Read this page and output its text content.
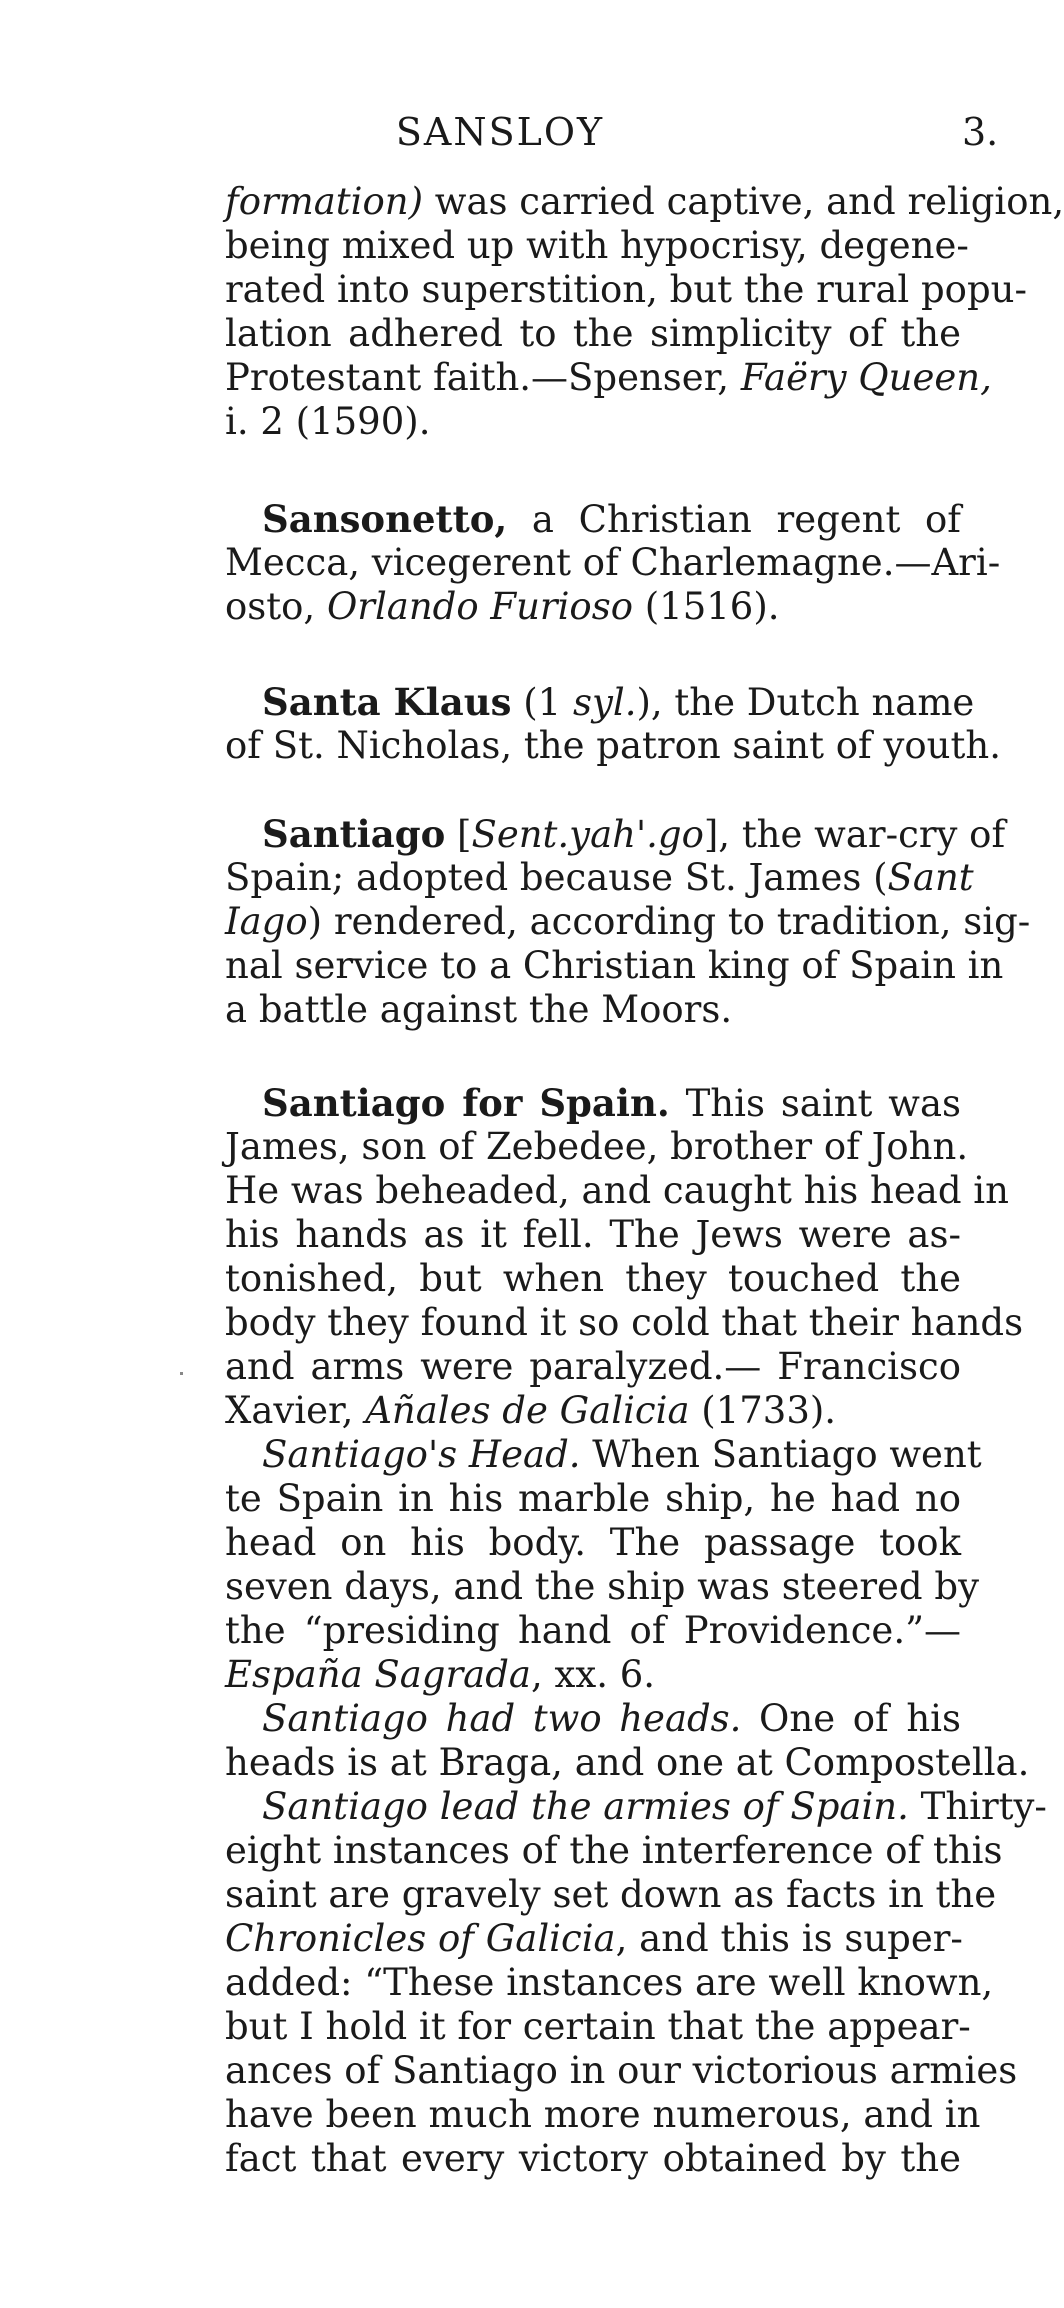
SANSLOY	3.
formation) was carried captive, and religion,
being mixed up with hypocrisy, degene-
rated into superstition, but the rural popu-
lation adhered to the simplicity of the
Protestant faith.—Spenser, Faëry Queen,
i. 2 (1590).
Sansonetto, a Christian regent of
Mecca, vicegerent of Charlemagne.—Ari-
osto, Orlando Furioso (1516).
Santa Klaus (1 syl.), the Dutch name
of St. Nicholas, the patron saint of youth.
Santiago [Sent.yah'.go], the war-cry of
Spain; adopted because St. James (Sant
Iago) rendered, according to tradition, sig-
nal service to a Christian king of Spain in
a battle against the Moors.
Santiago for Spain. This saint was
James, son of Zebedee, brother of John.
He was beheaded, and caught his head in
his hands as it fell. The Jews were as-
tonished, but when they touched the
body they found it so cold that their hands
and arms were paralyzed.— Francisco
Xavier, Añales de Galicia (1733).
Santiago's Head. When Santiago went
te Spain in his marble ship, he had no
head on his body. The passage took
seven days, and the ship was steered by
the “presiding hand of Providence.”—
España Sagrada, xx. 6.
Santiago had two heads. One of his
heads is at Braga, and one at Compostella.
Santiago lead the armies of Spain. Thirty-
eight instances of the interference of this
saint are gravely set down as facts in the
Chronicles of Galicia, and this is super-
added: “These instances are well known,
but I hold it for certain that the appear-
ances of Santiago in our victorious armies
have been much more numerous, and in
fact that every victory obtained by the
